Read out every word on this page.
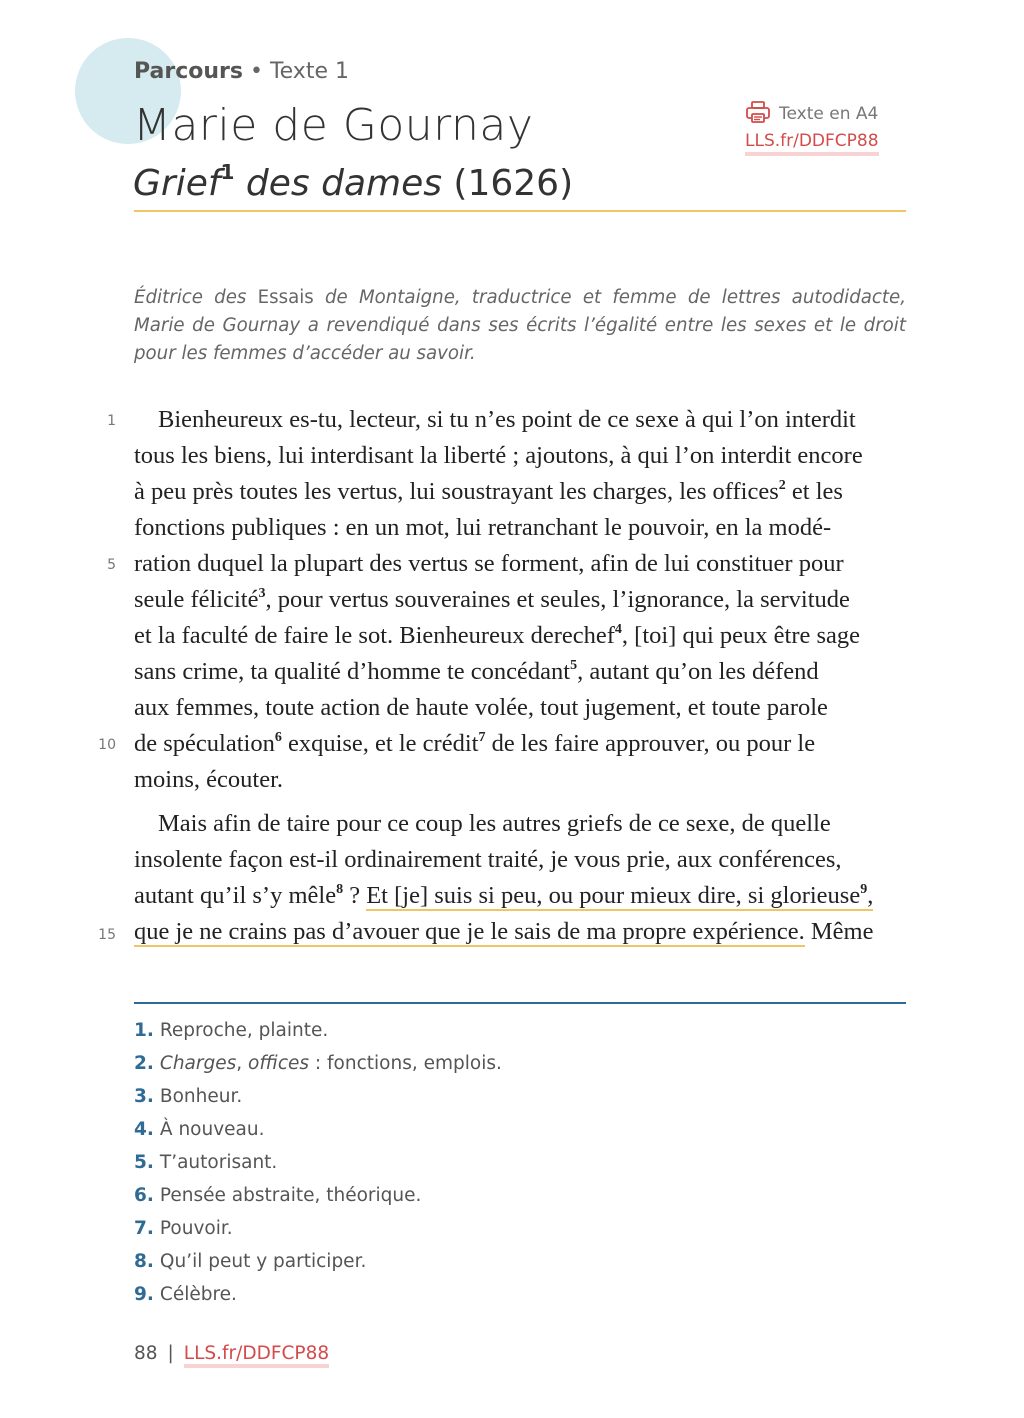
Parcours • Texte 1
Marie de Gournay
Grief$^1$ des dames (1626)
Texte en A4
LLS.fr/DDFCP88
Éditrice des Essais de Montaigne, traductrice et femme de lettres autodidacte, Marie de Gournay a revendiqué dans ses écrits l’égalité entre les sexes et le droit pour les femmes d’accéder au savoir.
1
5
10
15
Bienheureux es-tu, lecteur, si tu n’es point de ce sexe à qui l’on interdit
tous les biens, lui interdisant la liberté ; ajoutons, à qui l’on interdit encore
à peu près toutes les vertus, lui soustrayant les charges, les offices$^2$ et les
fonctions publiques : en un mot, lui retranchant le pouvoir, en la modé-
ration duquel la plupart des vertus se forment, afin de lui constituer pour
seule félicité$^3$, pour vertus souveraines et seules, l’ignorance, la servitude
et la faculté de faire le sot. Bienheureux derechef$^4$, [toi] qui peux être sage
sans crime, ta qualité d’homme te concédant$^5$, autant qu’on les défend
aux femmes, toute action de haute volée, tout jugement, et toute parole
de spéculation$^6$ exquise, et le crédit$^7$ de les faire approuver, ou pour le
moins, écouter.
Mais afin de taire pour ce coup les autres griefs de ce sexe, de quelle
insolente façon est-il ordinairement traité, je vous prie, aux conférences,
autant qu’il s’y mêle$^8$ ? Et [je] suis si peu, ou pour mieux dire, si glorieuse$^9$,
que je ne crains pas d’avouer que je le sais de ma propre expérience. Même
1. Reproche, plainte.
2. Charges, offices : fonctions, emplois.
3. Bonheur.
4. À nouveau.
5. T’autorisant.
6. Pensée abstraite, théorique.
7. Pouvoir.
8. Qu’il peut y participer.
9. Célèbre.
88 | LLS.fr/DDFCP88
